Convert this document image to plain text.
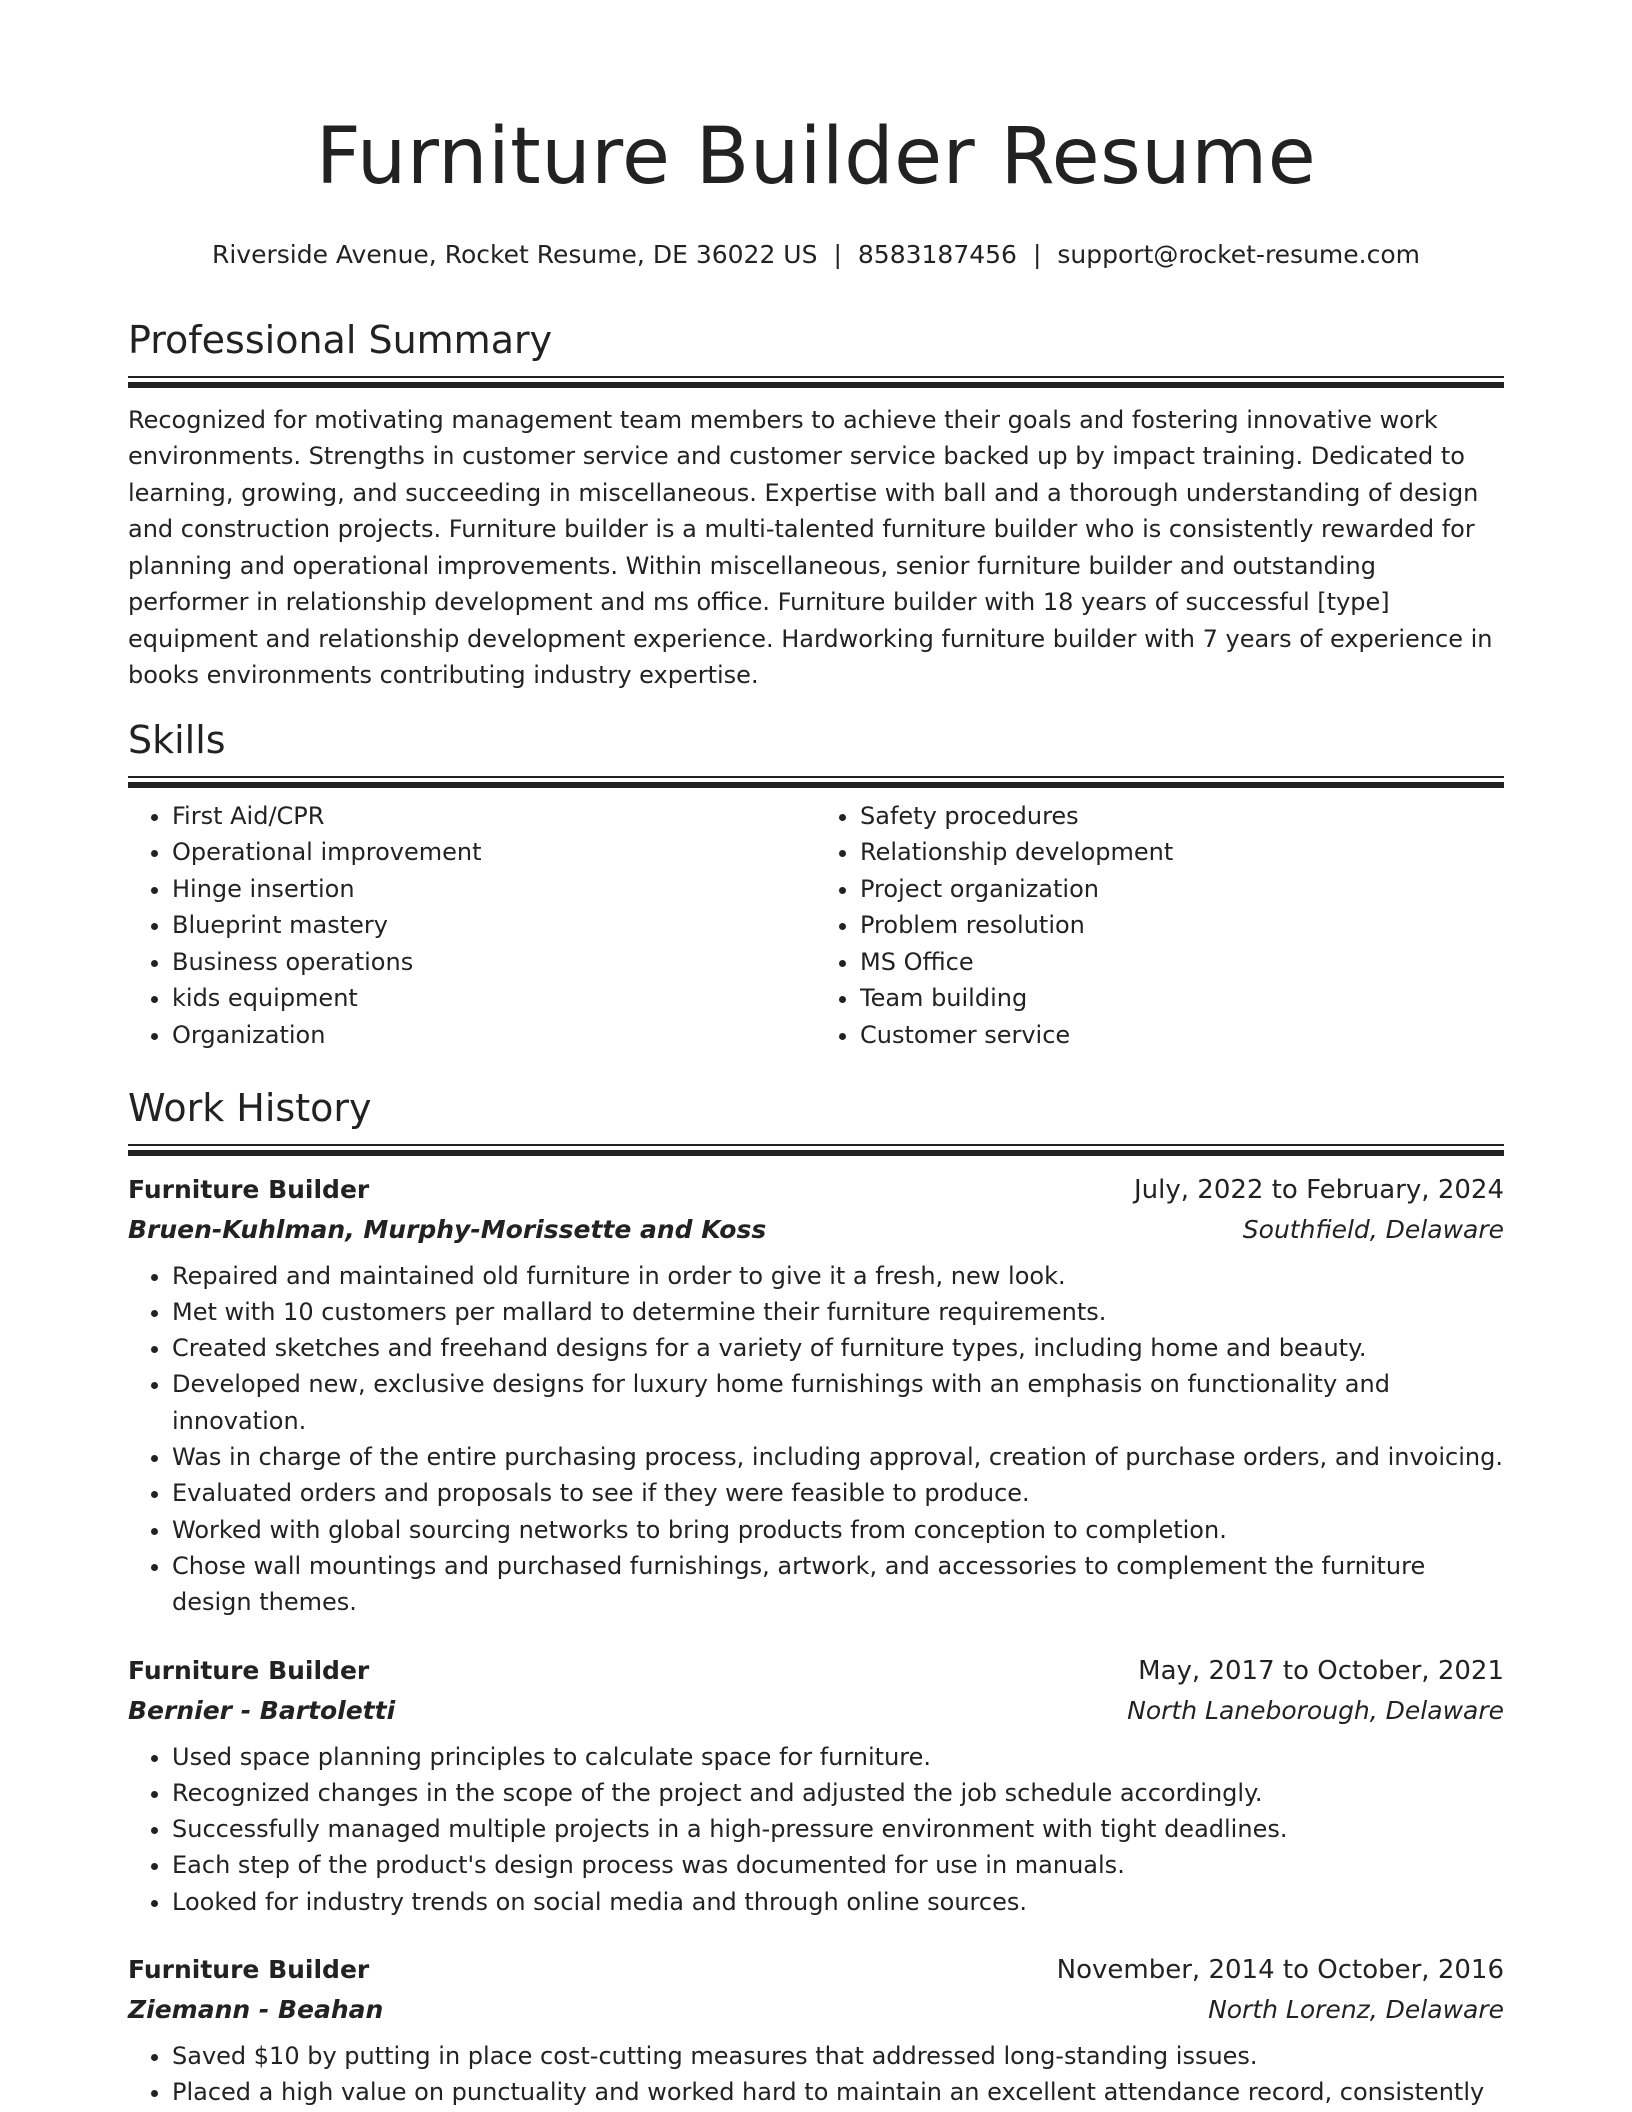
Furniture Builder Resume
Riverside Avenue, Rocket Resume, DE 36022 US | 8583187456 | support@rocket-resume.com
Professional Summary

Recognized for motivating management team members to achieve their goals and fostering innovative work environments. Strengths in customer service and customer service backed up by impact training. Dedicated to learning, growing, and succeeding in miscellaneous. Expertise with ball and a thorough understanding of design and construction projects. Furniture builder is a multi-talented furniture builder who is consistently rewarded for planning and operational improvements. Within miscellaneous, senior furniture builder and outstanding performer in relationship development and ms office. Furniture builder with 18 years of successful [type] equipment and relationship development experience. Hardworking furniture builder with 7 years of experience in books environments contributing industry expertise.

Skills
• First Aid/CPR
• Operational improvement
• Hinge insertion
• Blueprint mastery
• Business operations
• kids equipment
• Organization
• Safety procedures
• Relationship development
• Project organization
• Problem resolution
• MS Office
• Team building
• Customer service
Work History
Furniture Builder	July, 2022 to February, 2024
Bruen-Kuhlman, Murphy-Morissette and Koss	Southfield, Delaware
• Repaired and maintained old furniture in order to give it a fresh, new look.
• Met with 10 customers per mallard to determine their furniture requirements.
• Created sketches and freehand designs for a variety of furniture types, including home and beauty.
• Developed new, exclusive designs for luxury home furnishings with an emphasis on functionality and innovation.
• Was in charge of the entire purchasing process, including approval, creation of purchase orders, and invoicing.
• Evaluated orders and proposals to see if they were feasible to produce.
• Worked with global sourcing networks to bring products from conception to completion.
• Chose wall mountings and purchased furnishings, artwork, and accessories to complement the furniture design themes.
Furniture Builder	May, 2017 to October, 2021
Bernier - Bartoletti	North Laneborough, Delaware
• Used space planning principles to calculate space for furniture.
• Recognized changes in the scope of the project and adjusted the job schedule accordingly.
• Successfully managed multiple projects in a high-pressure environment with tight deadlines.
• Each step of the product's design process was documented for use in manuals.
• Looked for industry trends on social media and through online sources.
Furniture Builder	November, 2014 to October, 2016
Ziemann - Beahan	North Lorenz, Delaware
• Saved $10 by putting in place cost-cutting measures that addressed long-standing issues.
• Placed a high value on punctuality and worked hard to maintain an excellent attendance record, consistently
